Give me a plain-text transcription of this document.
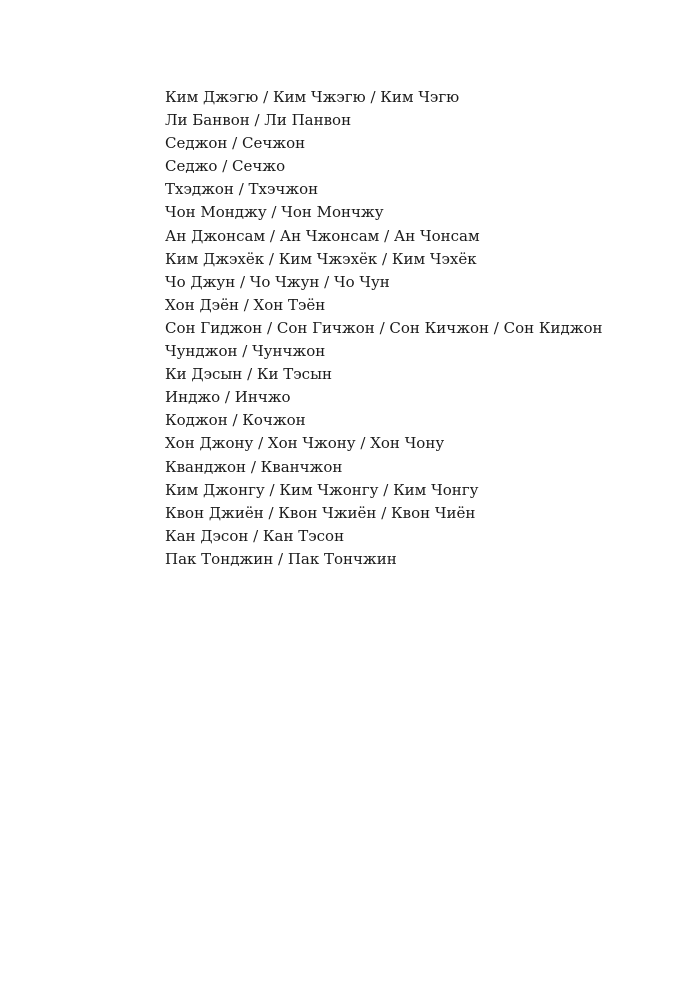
Ким Джэгю / Ким Чжэгю / Ким Чэгю
Ли Банвон / Ли Панвон
Седжон / Сечжон
Седжо / Сечжо
Тхэджон / Тхэчжон
Чон Монджу / Чон Мончжу
Ан Джонсам / Ан Чжонсам / Ан Чонсам
Ким Джэхёк / Ким Чжэхёк / Ким Чэхёк
Чо Джун / Чо Чжун / Чо Чун
Хон Дэён / Хон Тэён
Сон Гиджон / Сон Гичжон / Сон Кичжон / Сон Киджон
Чунджон / Чунчжон
Ки Дэсын / Ки Тэсын
Инджо / Инчжо
Коджон / Кочжон
Хон Джону / Хон Чжону / Хон Чону
Кванджон / Кванчжон
Ким Джонгу / Ким Чжонгу / Ким Чонгу
Квон Джиён / Квон Чжиён / Квон Чиён
Кан Дэсон / Кан Тэсон
Пак Тонджин / Пак Тончжин
